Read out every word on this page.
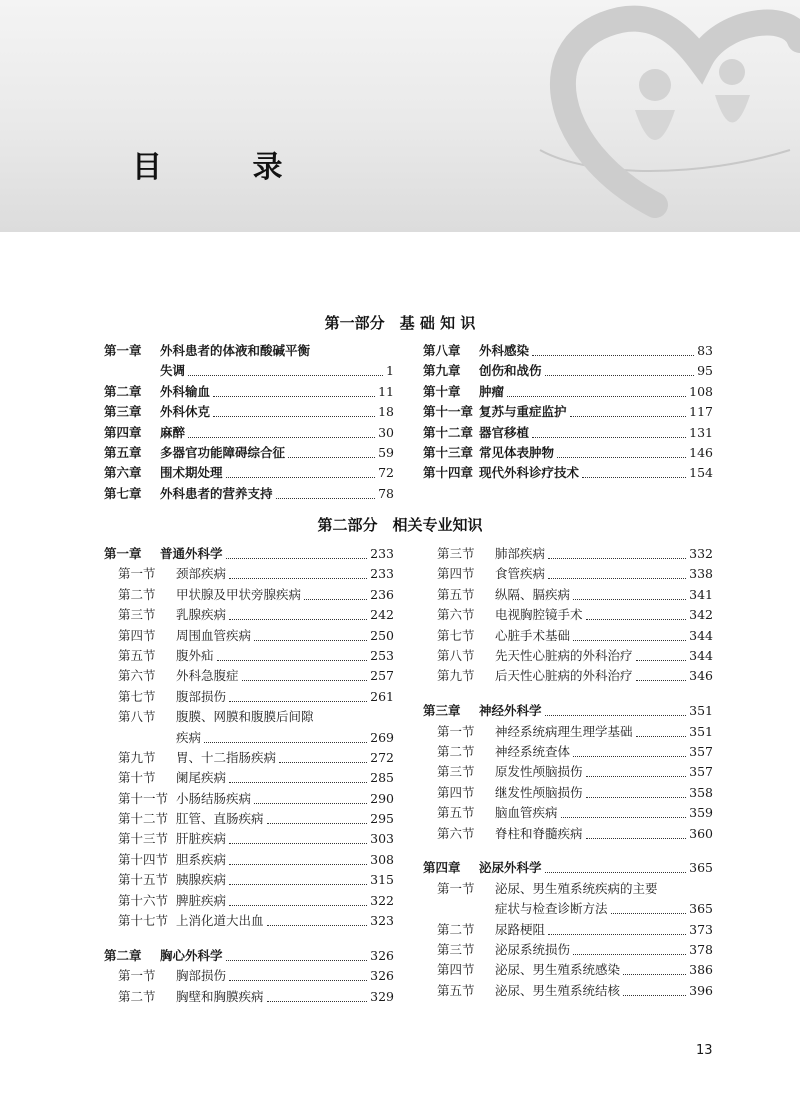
目 录
第一部分　基 础 知 识
第一章 外科患者的体液和酸碱平衡
失调	1
第二章 外科输血	11
第三章 外科休克	18
第四章 麻醉	30
第五章 多器官功能障碍综合征	59
第六章 围术期处理	72
第七章 外科患者的营养支持	78
第八章 外科感染	83
第九章 创伤和战伤	95
第十章 肿瘤	108
第十一章 复苏与重症监护	117
第十二章 器官移植	131
第十三章 常见体表肿物	146
第十四章 现代外科诊疗技术	154
第二部分　相关专业知识
第一章 普通外科学	233
第一节 颈部疾病	233
第二节 甲状腺及甲状旁腺疾病	236
第三节 乳腺疾病	242
第四节 周围血管疾病	250
第五节 腹外疝	253
第六节 外科急腹症	257
第七节 腹部损伤	261
第八节 腹膜、网膜和腹膜后间隙
疾病	269
第九节 胃、十二指肠疾病	272
第十节 阑尾疾病	285
第十一节 小肠结肠疾病	290
第十二节 肛管、直肠疾病	295
第十三节 肝脏疾病	303
第十四节 胆系疾病	308
第十五节 胰腺疾病	315
第十六节 脾脏疾病	322
第十七节 上消化道大出血	323
第二章 胸心外科学	326
第一节 胸部损伤	326
第二节 胸壁和胸膜疾病	329
第三节 肺部疾病	332
第四节 食管疾病	338
第五节 纵隔、膈疾病	341
第六节 电视胸腔镜手术	342
第七节 心脏手术基础	344
第八节 先天性心脏病的外科治疗	344
第九节 后天性心脏病的外科治疗	346
第三章 神经外科学	351
第一节 神经系统病理生理学基础	351
第二节 神经系统查体	357
第三节 原发性颅脑损伤	357
第四节 继发性颅脑损伤	358
第五节 脑血管疾病	359
第六节 脊柱和脊髓疾病	360
第四章 泌尿外科学	365
第一节 泌尿、男生殖系统疾病的主要
症状与检查诊断方法	365
第二节 尿路梗阻	373
第三节 泌尿系统损伤	378
第四节 泌尿、男生殖系统感染	386
第五节 泌尿、男生殖系统结核	396
13
